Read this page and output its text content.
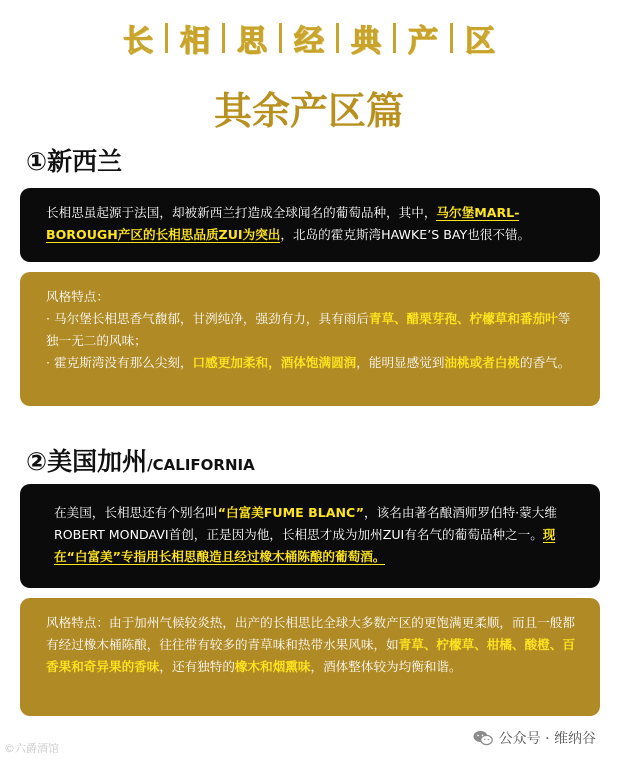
长 相 思 经 典 产 区
其余产区篇
①新西兰
长相思虽起源于法国，却被新西兰打造成全球闻名的葡萄品种，其中，马尔堡MARL-BOROUGH产区的长相思品质ZUI为突出，北岛的霍克斯湾HAWKE’S BAY也很不错。
风格特点：
· 马尔堡长相思香气馥郁，甘洌纯净，强劲有力，具有雨后青草、醋栗芽孢、柠檬草和番茄叶等独一无二的风味；
· 霍克斯湾没有那么尖刻，口感更加柔和，酒体饱满圆润，能明显感觉到油桃或者白桃的香气。
②美国加州/CALIFORNIA
在美国，长相思还有个别名叫“白富美FUME BLANC”，该名由著名酿酒师罗伯特·蒙大维ROBERT MONDAVI首创，正是因为他，长相思才成为加州ZUI有名气的葡萄品种之一。现在“白富美”专指用长相思酿造且经过橡木桶陈酿的葡萄酒。
风格特点：由于加州气候较炎热，出产的长相思比全球大多数产区的更饱满更柔顺，而且一般都有经过橡木桶陈酿，往往带有较多的青草味和热带水果风味，如青草、柠檬草、柑橘、酸橙、百香果和奇异果的香味，还有独特的橡木和烟熏味，酒体整体较为均衡和谐。
©六爵酒馆
公众号 · 维纳谷
